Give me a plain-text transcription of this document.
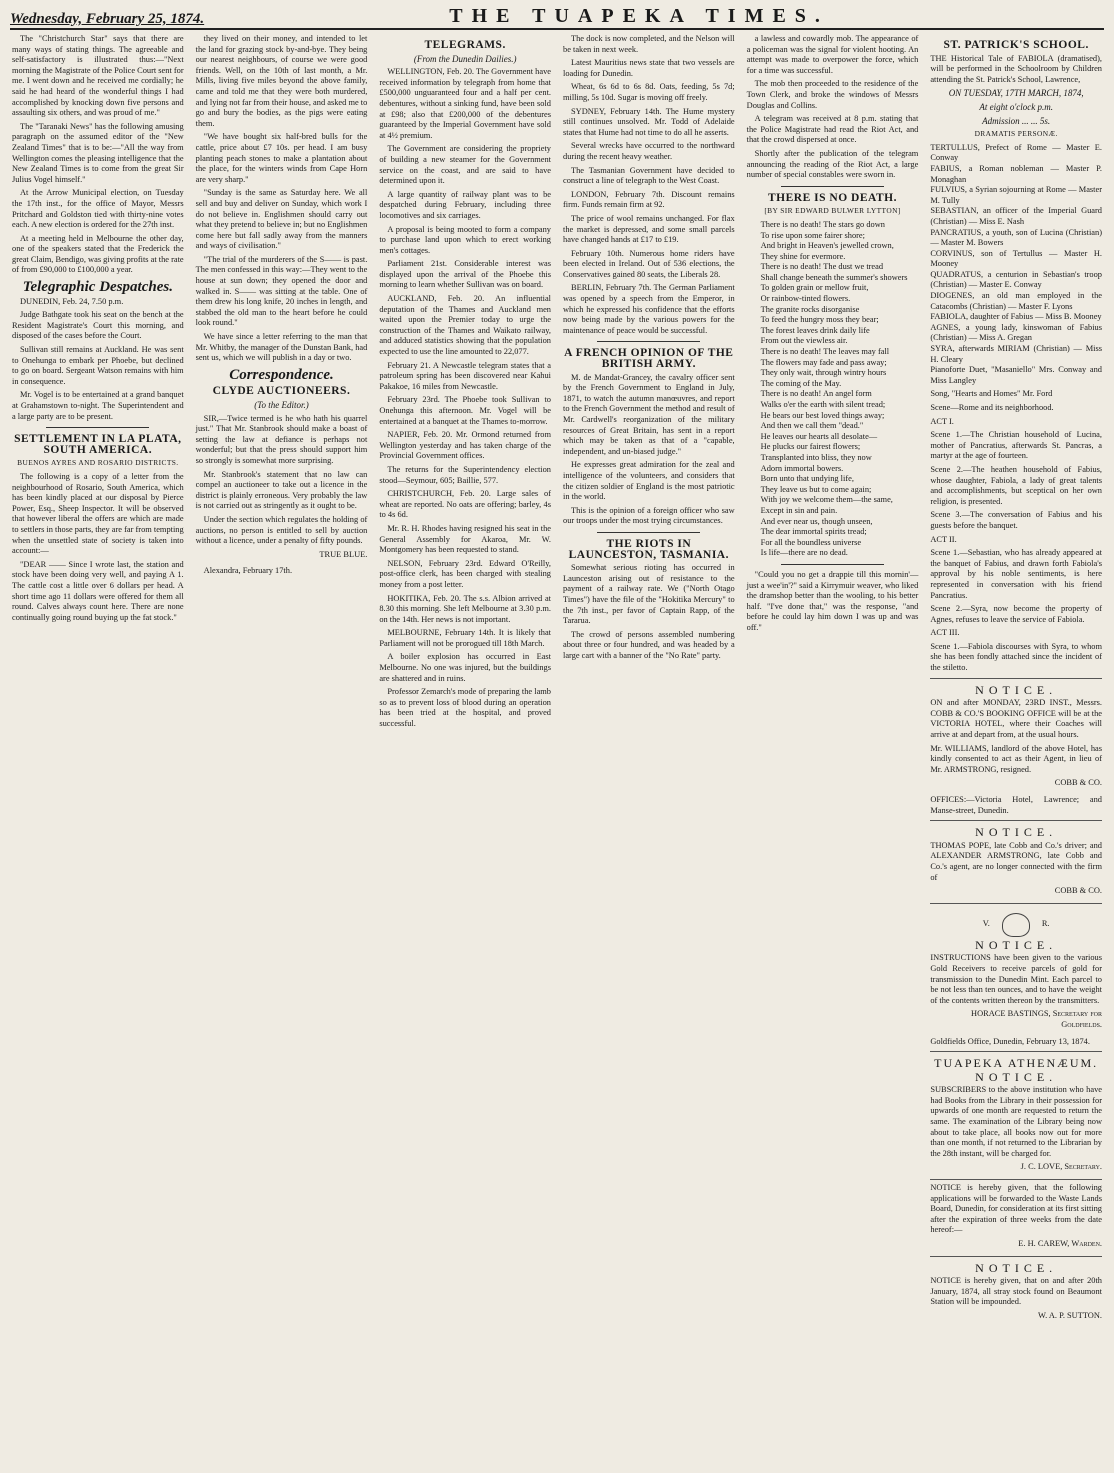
Wednesday, February 25, 1874.	THE TUAPEKA TIMES.

The "Christchurch Star" says that there are many ways of stating things. The agreeable and self-satisfactory is illustrated thus:—"Next morning the Magistrate of the Police Court sent for me. I went down and he received me cordially; he said he had heard of the wonderful things I had accomplished by knocking down five persons and assaulting six others, and was proud of me."

The "Taranaki News" has the following amusing paragraph on the assumed editor of the "New Zealand Times" that is to be:—"All the way from Wellington comes the pleasing intelligence that the New Zealand Times is to come from the great Sir Julius Vogel himself."

At the Arrow Municipal election, on Tuesday the 17th inst., for the office of Mayor, Messrs Pritchard and Goldston tied with thirty-nine votes each. A new election is ordered for the 27th inst.

At a meeting held in Melbourne the other day, one of the speakers stated that the Frederick the great Claim, Bendigo, was giving profits at the rate of from £90,000 to £100,000 a year.

Telegraphic Despatches.

DUNEDIN, Feb. 24, 7.50 p.m.

Judge Bathgate took his seat on the bench at the Resident Magistrate's Court this morning, and disposed of the cases before the Court.

Sullivan still remains at Auckland. He was sent to Onehunga to embark per Phoebe, but declined to go on board. Sergeant Watson remains with him in consequence.

Mr. Vogel is to be entertained at a grand banquet at Grahamstown to-night. The Superintendent and a large party are to be present.

SETTLEMENT IN LA PLATA, SOUTH AMERICA.
BUENOS AYRES AND ROSARIO DISTRICTS.

The following is a copy of a letter from the neighbourhood of Rosario, South America, which has been kindly placed at our disposal by Pierce Power, Esq., Sheep Inspector. It will be observed that however liberal the offers are which are made to settlers in those parts, they are far from tempting when the unsettled state of society is taken into account:—

"DEAR —— Since I wrote last, the station and stock have been doing very well, and paying A 1. The cattle cost a little over 6 dollars per head. A short time ago 11 dollars were offered for them all round. Calves always count here. There are none continually going round buying up the fat stock."

they lived on their money, and intended to let the land for grazing stock by-and-bye. They being our nearest neighbours, of course we were good friends. Well, on the 10th of last month, a Mr. Mills, living five miles beyond the above family, came and told me that they were both murdered, and lying not far from their house, and asked me to go and bury the bodies, as the pigs were eating them.

"We have bought six half-bred bulls for the cattle, price about £7 10s. per head. I am busy planting peach stones to make a plantation about the place, for the winters winds from Cape Horn are very sharp."

"Sunday is the same as Saturday here. We all sell and buy and deliver on Sunday, which work I do not believe in. Englishmen should carry out what they pretend to believe in; but no Englishmen come here but fall sadly away from the manners and ways of civilisation."

"The trial of the murderers of the S—— is past. The men confessed in this way:—They went to the house at sun down; they opened the door and walked in. S—— was sitting at the table. One of them drew his long knife, 20 inches in length, and stabbed the old man to the heart before he could look round."

We have since a letter referring to the man that Mr. Whitby, the manager of the Dunstan Bank, had sent us, which we will publish in a day or two.

Correspondence.
CLYDE AUCTIONEERS.
(To the Editor.)

SIR,—Twice termed is he who hath his quarrel just." That Mr. Stanbrook should make a boast of setting the law at defiance is perhaps not wonderful; but that the press should support him so strongly is somewhat more surprising.

Mr. Stanbrook's statement that no law can compel an auctioneer to take out a licence in the district is plainly erroneous. Very probably the law is not carried out as stringently as it ought to be.

Under the section which regulates the holding of auctions, no person is entitled to sell by auction without a licence, under a penalty of fifty pounds.

TRUE BLUE.

Alexandra, February 17th.

TELEGRAMS.
(From the Dunedin Dailies.)

WELLINGTON, Feb. 20. The Government have received information by telegraph from home that £500,000 unguaranteed four and a half per cent. debentures, without a sinking fund, have been sold at £98; also that £200,000 of the debentures guaranteed by the Imperial Government have sold at 4½ premium.

The Government are considering the propriety of building a new steamer for the Government service on the coast, and are said to have determined upon it.

A large quantity of railway plant was to be despatched during February, including three locomotives and six carriages.

A proposal is being mooted to form a company to purchase land upon which to erect working men's cottages.

Parliament 21st. Considerable interest was displayed upon the arrival of the Phoebe this morning to learn whether Sullivan was on board.

AUCKLAND, Feb. 20. An influential deputation of the Thames and Auckland men waited upon the Premier today to urge the construction of the Thames and Waikato railway, and adduced statistics showing that the population expected to use the line amounted to 22,077.

February 21. A Newcastle telegram states that a patroleum spring has been discovered near Kahui Pakakoe, 16 miles from Newcastle.

February 23rd. The Phoebe took Sullivan to Onehunga this afternoon. Mr. Vogel will be entertained at a banquet at the Thames to-morrow.

NAPIER, Feb. 20. Mr. Ormond returned from Wellington yesterday and has taken charge of the Provincial Government offices.

The returns for the Superintendency election stood—Seymour, 605; Baillie, 577.

CHRISTCHURCH, Feb. 20. Large sales of wheat are reported. No oats are offering; barley, 4s to 4s 6d.

Mr. R. H. Rhodes having resigned his seat in the General Assembly for Akaroa, Mr. W. Montgomery has been requested to stand.

NELSON, February 23rd. Edward O'Reilly, post-office clerk, has been charged with stealing money from a post letter.

HOKITIKA, Feb. 20. The s.s. Albion arrived at 8.30 this morning. She left Melbourne at 3.30 p.m. on the 14th. Her news is not important.

MELBOURNE, February 14th. It is likely that Parliament will not be prorogued till 18th March.

A boiler explosion has occurred in East Melbourne. No one was injured, but the buildings are shattered and in ruins.

Professor Zemarch's mode of preparing the lamb so as to prevent loss of blood during an operation has been tried at the hospital, and proved successful.

The dock is now completed, and the Nelson will be taken in next week.

Latest Mauritius news state that two vessels are loading for Dunedin.

Wheat, 6s 6d to 6s 8d. Oats, feeding, 5s 7d; milling, 5s 10d. Sugar is moving off freely.

SYDNEY, February 14th. The Hume mystery still continues unsolved. Mr. Todd of Adelaide states that Hume had not time to do all he asserts.

Several wrecks have occurred to the northward during the recent heavy weather.

The Tasmanian Government have decided to construct a line of telegraph to the West Coast.

LONDON, February 7th. Discount remains firm. Funds remain firm at 92.

The price of wool remains unchanged. For flax the market is depressed, and some small parcels have changed hands at £17 to £19.

February 10th. Numerous home riders have been elected in Ireland. Out of 536 elections, the Conservatives gained 80 seats, the Liberals 28.

BERLIN, February 7th. The German Parliament was opened by a speech from the Emperor, in which he expressed his confidence that the efforts now being made by the various powers for the maintenance of peace would be successful.

A FRENCH OPINION OF THE BRITISH ARMY.

M. de Mandat-Grancey, the cavalry officer sent by the French Government to England in July, 1871, to watch the autumn manœuvres, and report to the French Government the method and result of Mr. Cardwell's reorganization of the military resources of Great Britain, has sent in a report which may be taken as that of a "capable, independent, and un-biased judge."

He expresses great admiration for the zeal and intelligence of the volunteers, and considers that the citizen soldier of England is the most patriotic in the world.

This is the opinion of a foreign officer who saw our troops under the most trying circumstances.

THE RIOTS IN LAUNCESTON, TASMANIA.

Somewhat serious rioting has occurred in Launceston arising out of resistance to the payment of a railway rate. We ("North Otago Times") have the file of the "Hokitika Mercury" to the 7th inst., per favor of Captain Rapp, of the Tararua.

The crowd of persons assembled numbering about three or four hundred, and was headed by a large cart with a banner of the "No Rate" party.

a lawless and cowardly mob. The appearance of a policeman was the signal for violent hooting. An attempt was made to overpower the force, which for a time was successful.

The mob then proceeded to the residence of the Town Clerk, and broke the windows of Messrs Douglas and Collins.

A telegram was received at 8 p.m. stating that the Police Magistrate had read the Riot Act, and that the crowd dispersed at once.

Shortly after the publication of the telegram announcing the reading of the Riot Act, a large number of special constables were sworn in.

THERE IS NO DEATH.
[BY SIR EDWARD BULWER LYTTON]
There is no death! The stars go down
To rise upon some fairer shore;
And bright in Heaven's jewelled crown,
They shine for evermore.
There is no death! The dust we tread
Shall change beneath the summer's showers
To golden grain or mellow fruit,
Or rainbow-tinted flowers.
The granite rocks disorganise
To feed the hungry moss they bear;
The forest leaves drink daily life
From out the viewless air.
There is no death! The leaves may fall
The flowers may fade and pass away;
They only wait, through wintry hours
The coming of the May.
There is no death! An angel form
Walks o'er the earth with silent tread;
He bears our best loved things away;
And then we call them "dead."
He leaves our hearts all desolate—
He plucks our fairest flowers;
Transplanted into bliss, they now
Adorn immortal bowers.
Born unto that undying life,
They leave us but to come again;
With joy we welcome them—the same,
Except in sin and pain.
And ever near us, though unseen,
The dear immortal spirits tread;
For all the boundless universe
Is life—there are no dead.

"Could you no get a drappie till this mornin'—just a wee'in'?" said a Kirrymuir weaver, who liked the dramshop better than the wooling, to his better half. "I've done that," was the response, "and before he could lay him down I was up and was off."

ST. PATRICK'S SCHOOL.

THE Historical Tale of FABIOLA (dramatised), will be performed in the Schoolroom by Children attending the St. Patrick's School, Lawrence,

ON TUESDAY, 17TH MARCH, 1874,
At eight o'clock p.m.
Admission ... ... 5s.
DRAMATIS PERSONÆ.
TERTULLUS, Prefect of Rome — Master E. Conway
FABIUS, a Roman nobleman — Master P. Monaghan
FULVIUS, a Syrian sojourning at Rome — Master M. Tully
SEBASTIAN, an officer of the Imperial Guard (Christian) — Miss E. Nash
PANCRATIUS, a youth, son of Lucina (Christian) — Master M. Bowers
CORVINUS, son of Tertullus — Master H. Mooney
QUADRATUS, a centurion in Sebastian's troop (Christian) — Master E. Conway
DIOGENES, an old man employed in the Catacombs (Christian) — Master F. Lyons
FABIOLA, daughter of Fabius — Miss B. Mooney
AGNES, a young lady, kinswoman of Fabius (Christian) — Miss A. Gregan
SYRA, afterwards MIRIAM (Christian) — Miss H. Cleary

Pianoforte Duet, "Masaniello" Mrs. Conway and Miss Langley

Song, "Hearts and Homes" Mr. Ford

Scene—Rome and its neighborhood.

ACT I.

Scene 1.—The Christian household of Lucina, mother of Pancratius, afterwards St. Pancras, a martyr at the age of fourteen.

Scene 2.—The heathen household of Fabius, whose daughter, Fabiola, a lady of great talents and accomplishments, but sceptical on her own religion, is presented.

Scene 3.—The conversation of Fabius and his guests before the banquet.

ACT II.

Scene 1.—Sebastian, who has already appeared at the banquet of Fabius, and drawn forth Fabiola's approval by his noble sentiments, is here represented in conversation with his friend Pancratius.

Scene 2.—Syra, now become the property of Agnes, refuses to leave the service of Fabiola.

ACT III.

Scene 1.—Fabiola discourses with Syra, to whom she has been fondly attached since the incident of the stiletto.

NOTICE.

ON and after MONDAY, 23RD INST., Messrs. COBB & CO.'S BOOKING OFFICE will be at the VICTORIA HOTEL, where their Coaches will arrive at and depart from, at the usual hours.

Mr. WILLIAMS, landlord of the above Hotel, has kindly consented to act as their Agent, in lieu of Mr. ARMSTRONG, resigned.

COBB & CO.

OFFICES:—Victoria Hotel, Lawrence; and Manse-street, Dunedin.

NOTICE.

THOMAS POPE, late Cobb and Co.'s driver; and ALEXANDER ARMSTRONG, late Cobb and Co.'s agent, are no longer connected with the firm of

COBB & CO.
V.	R.
NOTICE.

INSTRUCTIONS have been given to the various Gold Receivers to receive parcels of gold for transmission to the Dunedin Mint. Each parcel to be not less than ten ounces, and to have the weight of the contents written thereon by the transmitters.

HORACE BASTINGS, Secretary for Goldfields.

Goldfields Office, Dunedin, February 13, 1874.

TUAPEKA ATHENÆUM.
NOTICE.

SUBSCRIBERS to the above institution who have had Books from the Library in their possession for upwards of one month are requested to return the same. The examination of the Library being now about to take place, all books now out for more than one month, if not returned to the Librarian by the 28th instant, will be charged for.

J. C. LOVE, Secretary.

NOTICE is hereby given, that the following applications will be forwarded to the Waste Lands Board, Dunedin, for consideration at its first sitting after the expiration of three weeks from the date hereof:—

E. H. CAREW, Warden.
NOTICE.

NOTICE is hereby given, that on and after 20th January, 1874, all stray stock found on Beaumont Station will be impounded.

W. A. P. SUTTON.
